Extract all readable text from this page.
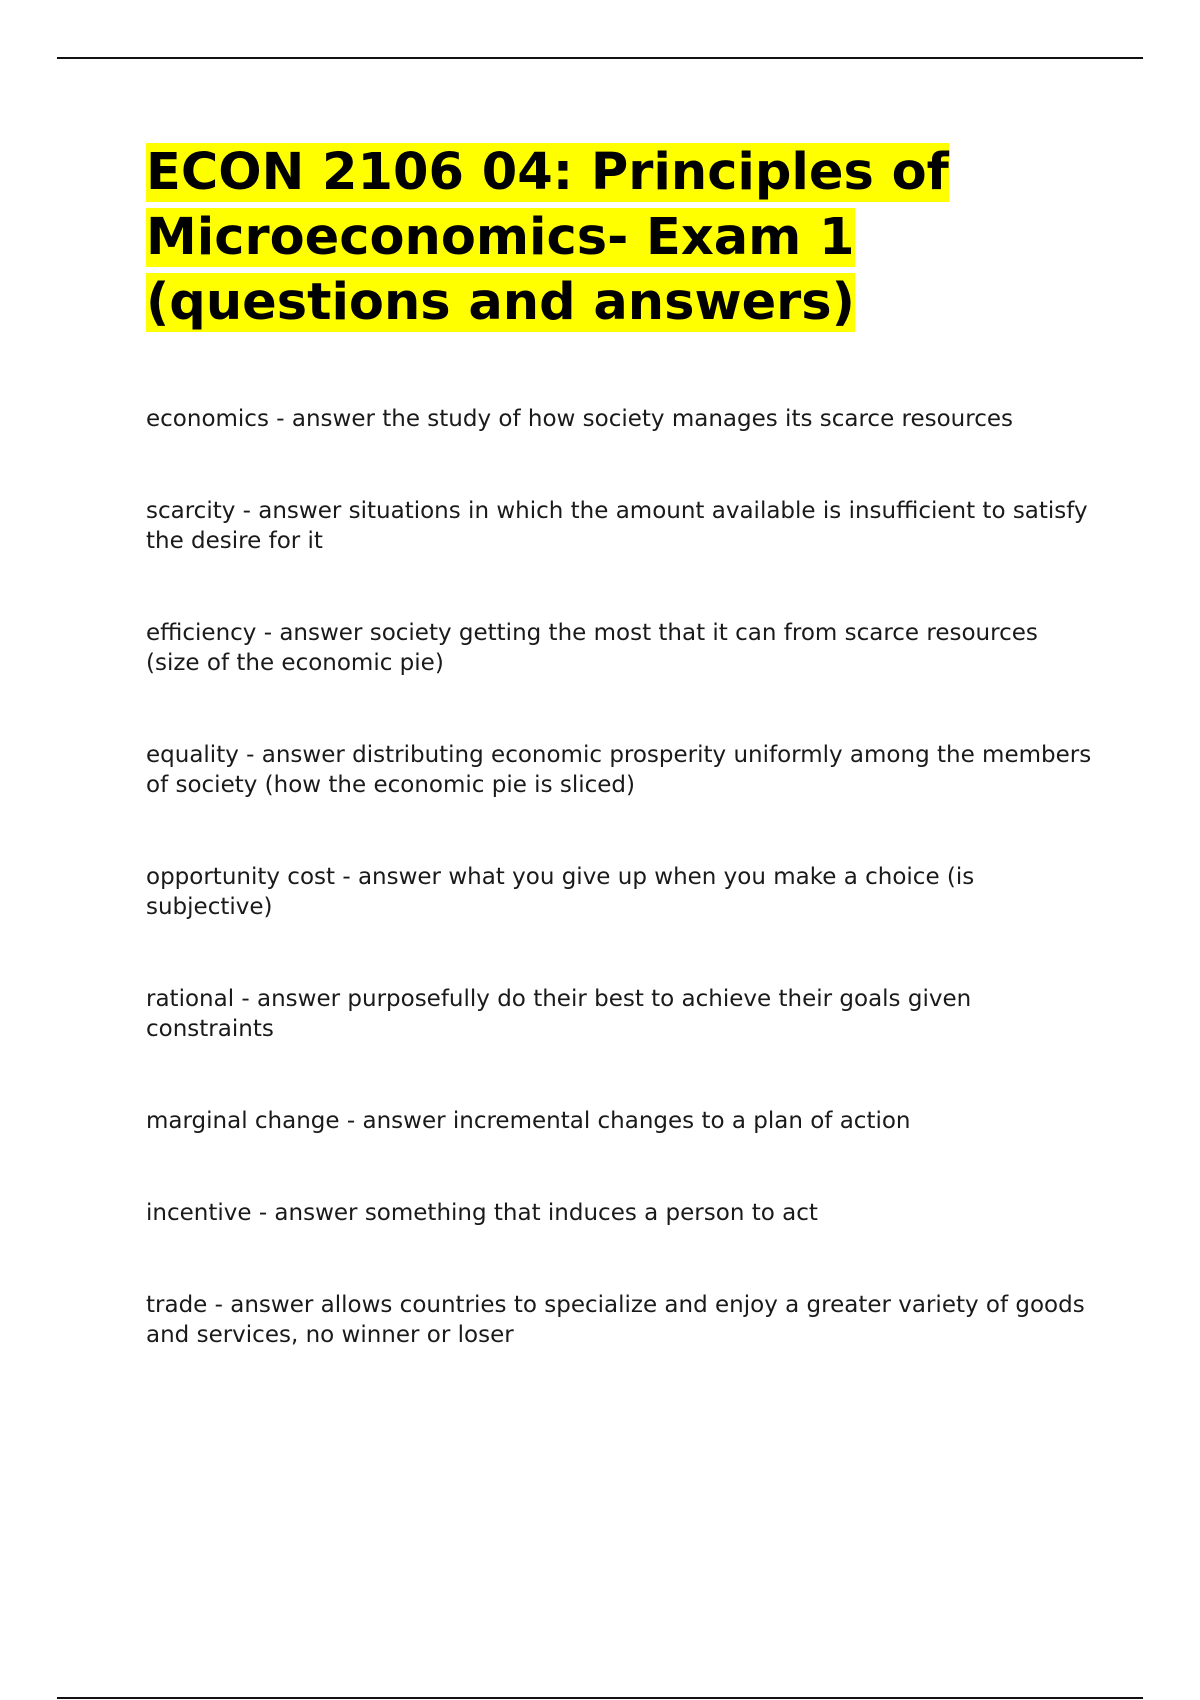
ECON 2106 04: Principles of Microeconomics- Exam 1 (questions and answers)
economics - answer the study of how society manages its scarce resources
scarcity - answer situations in which the amount available is insufficient to satisfy the desire for it
efficiency - answer society getting the most that it can from scarce resources (size of the economic pie)
equality - answer distributing economic prosperity uniformly among the members of society (how the economic pie is sliced)
opportunity cost - answer what you give up when you make a choice (is subjective)
rational - answer purposefully do their best to achieve their goals given constraints
marginal change - answer incremental changes to a plan of action
incentive - answer something that induces a person to act
trade - answer allows countries to specialize and enjoy a greater variety of goods and services, no winner or loser
